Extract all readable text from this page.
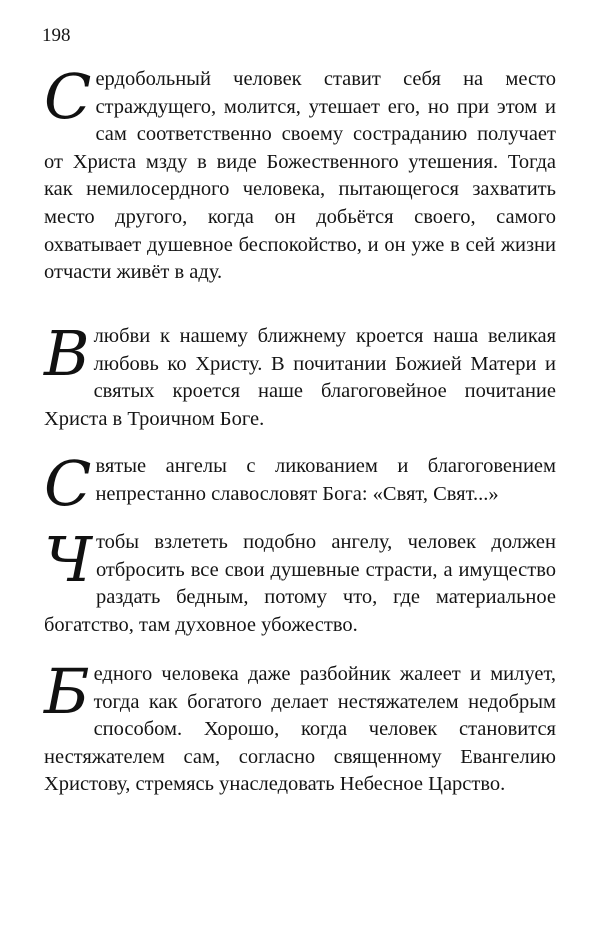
198

С ердобольный человек ставит себя на место страждущего, молится, утешает его, но при этом и сам соответственно своему состраданию получает от Христа мзду в виде Божественного утешения. Тогда как немилосердного человека, пытающегося захватить место другого, когда он добьётся своего, самого охватывает душевное беспокойство, и он уже в сей жизни отчасти живёт в аду.

В любви к нашему ближнему кроется наша великая любовь ко Христу. В почитании Божией Матери и святых кроется наше благоговейное почитание Христа в Троичном Боге.

С вятые ангелы с ликованием и благоговением непрестанно славословят Бога: «Свят, Свят...»

Ч тобы взлететь подобно ангелу, человек должен отбросить все свои душевные страсти, а имущество раздать бедным, потому что, где материальное богатство, там духовное убожество.

Б едного человека даже разбойник жалеет и милует, тогда как богатого делает нестяжателем недобрым способом. Хорошо, когда человек становится нестяжателем сам, согласно священному Евангелию Христову, стремясь унаследовать Небесное Царство.
